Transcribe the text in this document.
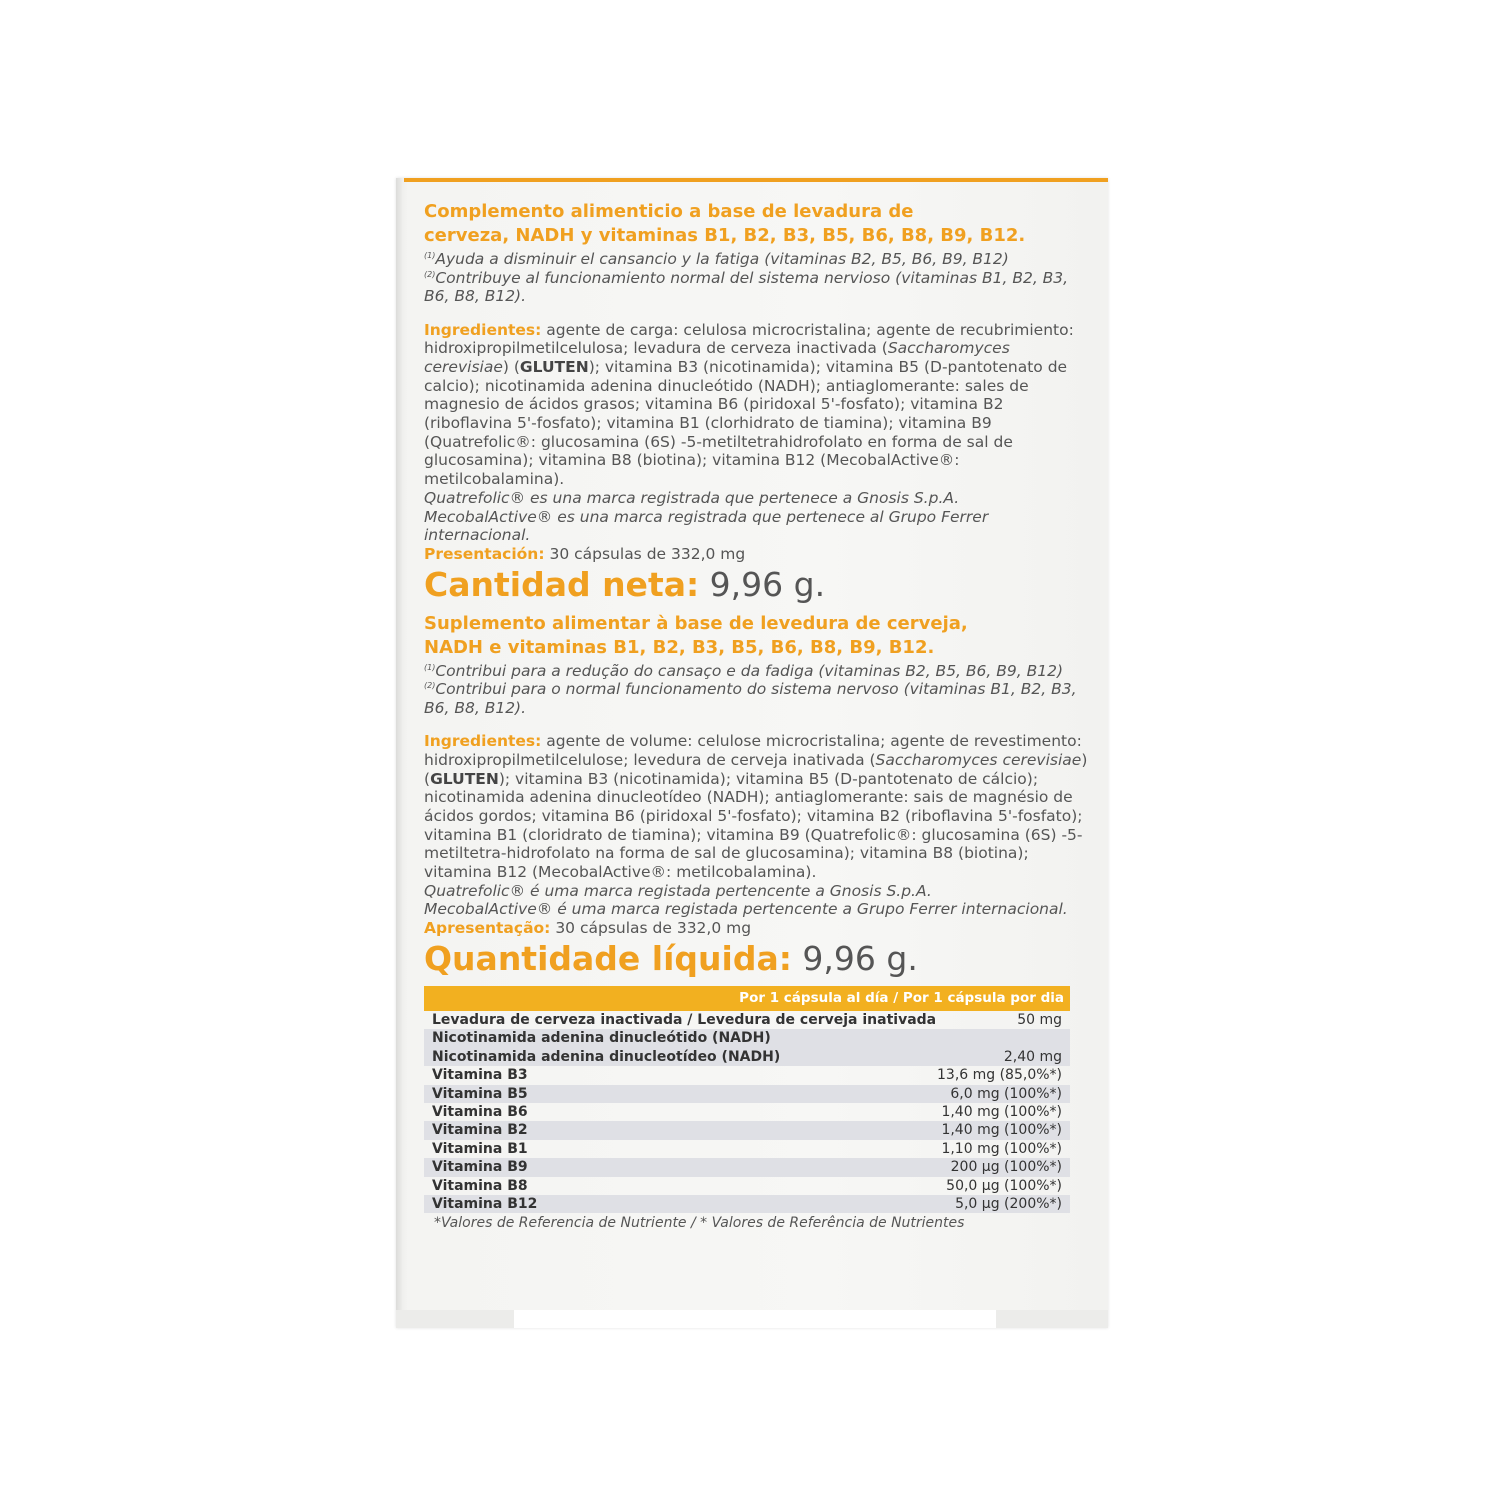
Complemento alimenticio a base de levadura de
cerveza, NADH y vitaminas B1, B2, B3, B5, B6, B8, B9, B12.
$^{(1)}$Ayuda a disminuir el cansancio y la fatiga (vitaminas B2, B5, B6, B9, B12)
$^{(2)}$Contribuye al funcionamiento normal del sistema nervioso (vitaminas B1, B2, B3, B6, B8, B12).
Ingredientes: agente de carga: celulosa microcristalina; agente de recubrimiento: hidroxipropilmetilcelulosa; levadura de cerveza inactivada (Saccharomyces cerevisiae) (GLUTEN); vitamina B3 (nicotinamida); vitamina B5 (D-pantotenato de calcio); nicotinamida adenina dinucleótido (NADH); antiaglomerante: sales de magnesio de ácidos grasos; vitamina B6 (piridoxal 5'-fosfato); vitamina B2 (riboflavina 5'-fosfato); vitamina B1 (clorhidrato de tiamina); vitamina B9 (Quatrefolic®: glucosamina (6S) -5-metiltetrahidrofolato en forma de sal de glucosamina); vitamina B8 (biotina); vitamina B12 (MecobalActive®: metilcobalamina).
Quatrefolic® es una marca registrada que pertenece a Gnosis S.p.A.
MecobalActive® es una marca registrada que pertenece al Grupo Ferrer internacional.
Presentación: 30 cápsulas de 332,0 mg
Cantidad neta: 9,96 g.
Suplemento alimentar à base de levedura de cerveja,
NADH e vitaminas B1, B2, B3, B5, B6, B8, B9, B12.
$^{(1)}$Contribui para a redução do cansaço e da fadiga (vitaminas B2, B5, B6, B9, B12) $^{(2)}$Contribui para o normal funcionamento do sistema nervoso (vitaminas B1, B2, B3, B6, B8, B12).
Ingredientes: agente de volume: celulose microcristalina; agente de revestimento: hidroxipropilmetilcelulose; levedura de cerveja inativada (Saccharomyces cerevisiae) (GLUTEN); vitamina B3 (nicotinamida); vitamina B5 (D-pantotenato de cálcio); nicotinamida adenina dinucleotídeo (NADH); antiaglomerante: sais de magnésio de ácidos gordos; vitamina B6 (piridoxal 5'-fosfato); vitamina B2 (riboflavina 5'-fosfato); vitamina B1 (cloridrato de tiamina); vitamina B9 (Quatrefolic®: glucosamina (6S) -5-metiltetra-hidrofolato na forma de sal de glucosamina); vitamina B8 (biotina); vitamina B12 (MecobalActive®: metilcobalamina).
Quatrefolic® é uma marca registada pertencente a Gnosis S.p.A.
MecobalActive® é uma marca registada pertencente a Grupo Ferrer internacional.
Apresentação: 30 cápsulas de 332,0 mg
Quantidade líquida: 9,96 g.
Por 1 cápsula al día / Por 1 cápsula por dia
Levadura de cerveza inactivada / Levedura de cerveja inativada	50 mg
Nicotinamida adenina dinucleótido (NADH)
Nicotinamida adenina dinucleotídeo (NADH)	2,40 mg
Vitamina B3	13,6 mg (85,0%*)
Vitamina B5	6,0 mg (100%*)
Vitamina B6	1,40 mg (100%*)
Vitamina B2	1,40 mg (100%*)
Vitamina B1	1,10 mg (100%*)
Vitamina B9	200 µg (100%*)
Vitamina B8	50,0 µg (100%*)
Vitamina B12	5,0 µg (200%*)
*Valores de Referencia de Nutriente / * Valores de Referência de Nutrientes
